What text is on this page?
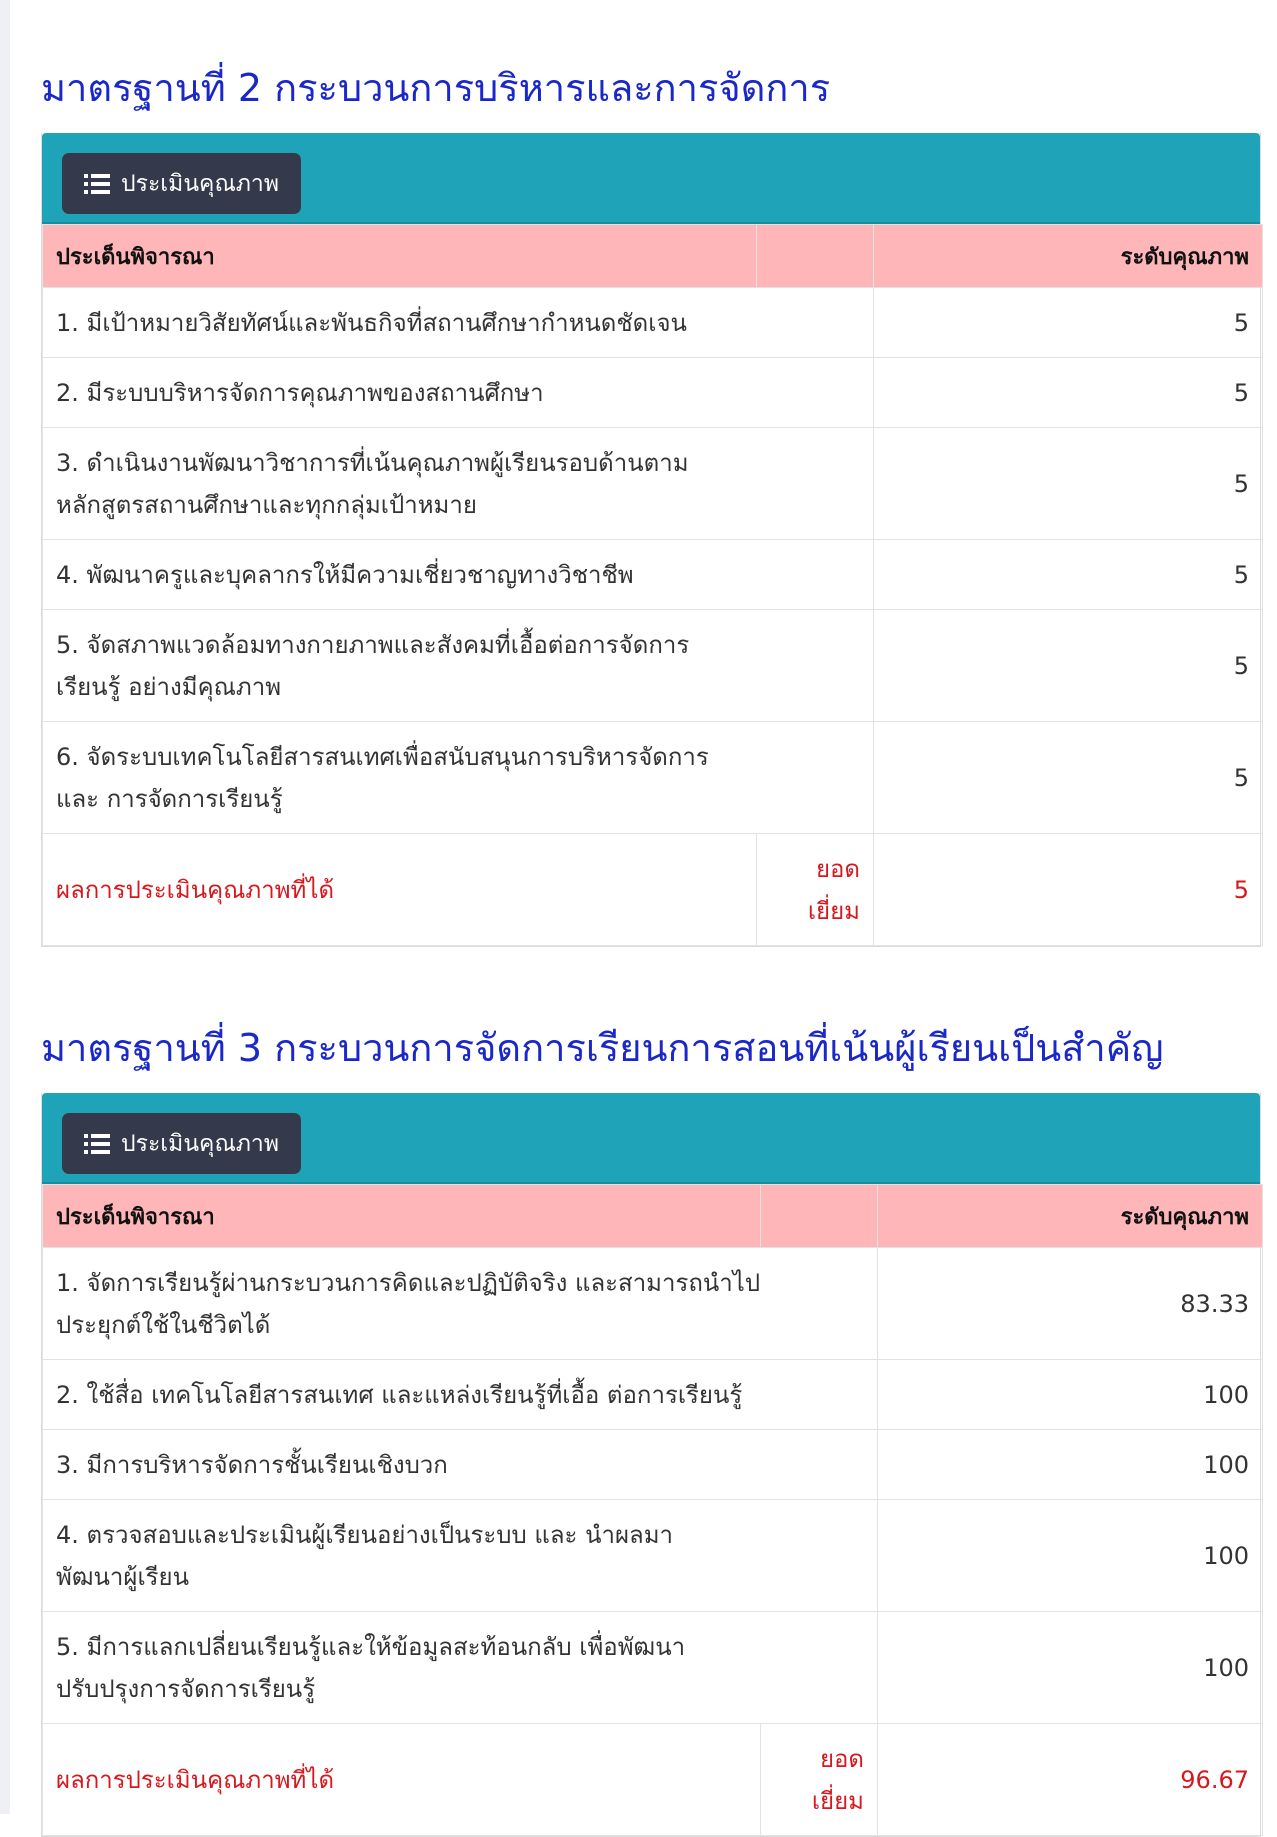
มาตรฐานที่ 2 กระบวนการบริหารและการจัดการ
ประเมินคุณภาพ
ประเด็นพิจารณา		ระดับคุณภาพ
1. มีเป้าหมายวิสัยทัศน์และพันธกิจที่สถานศึกษากำหนดชัดเจน		5
2. มีระบบบริหารจัดการคุณภาพของสถานศึกษา		5

3. ดำเนินงานพัฒนาวิชาการที่เน้นคุณภาพผู้เรียนรอบด้านตามหลักสูตรสถานศึกษาและทุกกลุ่มเป้าหมาย		5
4. พัฒนาครูและบุคลากรให้มีความเชี่ยวชาญทางวิชาชีพ		5

5. จัดสภาพแวดล้อมทางกายภาพและสังคมที่เอื้อต่อการจัดการเรียนรู้ อย่างมีคุณภาพ		5

6. จัดระบบเทคโนโลยีสารสนเทศเพื่อสนับสนุนการบริหารจัดการและ การจัดการเรียนรู้		5
ผลการประเมินคุณภาพที่ได้	ยอดเยี่ยม	5
มาตรฐานที่ 3 กระบวนการจัดการเรียนการสอนที่เน้นผู้เรียนเป็นสำคัญ
ประเมินคุณภาพ
ประเด็นพิจารณา		ระดับคุณภาพ

1. จัดการเรียนรู้ผ่านกระบวนการคิดและปฏิบัติจริง และสามารถนำไปประยุกต์ใช้ในชีวิตได้		83.33
2. ใช้สื่อ เทคโนโลยีสารสนเทศ และแหล่งเรียนรู้ที่เอื้อ ต่อการเรียนรู้		100
3. มีการบริหารจัดการชั้นเรียนเชิงบวก		100

4. ตรวจสอบและประเมินผู้เรียนอย่างเป็นระบบ และ นำผลมาพัฒนาผู้เรียน		100

5. มีการแลกเปลี่ยนเรียนรู้และให้ข้อมูลสะท้อนกลับ เพื่อพัฒนาปรับปรุงการจัดการเรียนรู้		100
ผลการประเมินคุณภาพที่ได้	ยอดเยี่ยม	96.67
